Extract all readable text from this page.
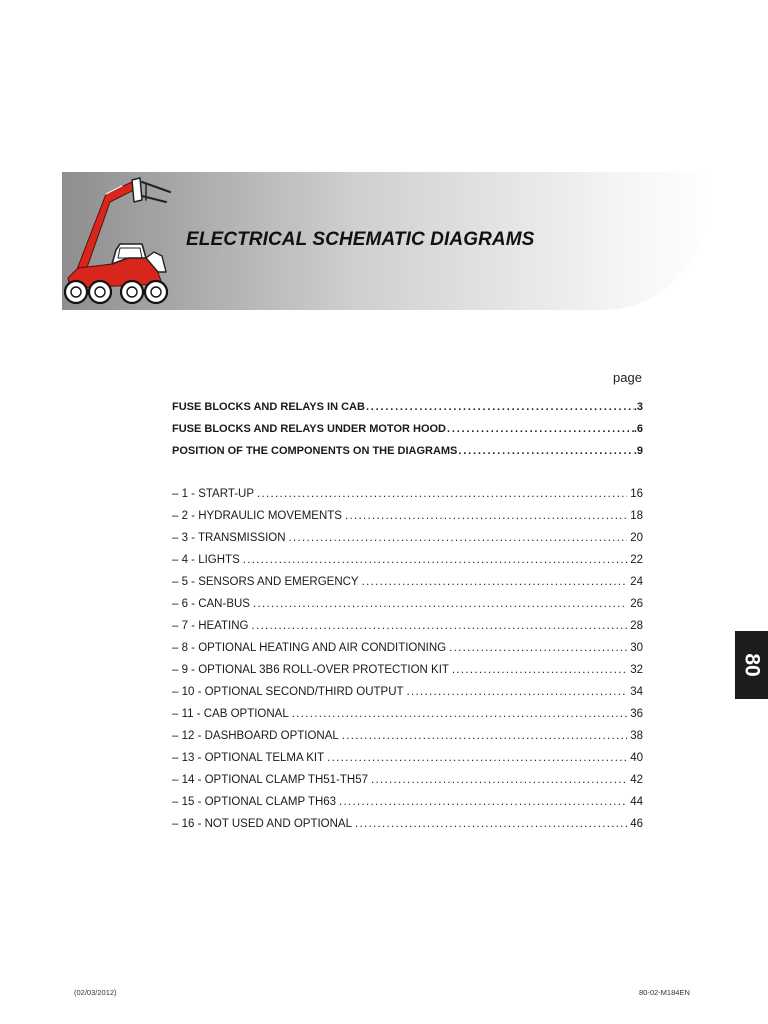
ELECTRICAL SCHEMATIC DIAGRAMS
page
FUSE BLOCKS AND RELAYS IN CAB .....	.3
FUSE BLOCKS AND RELAYS UNDER MOTOR HOOD .....	.6
POSITION OF THE COMPONENTS ON THE DIAGRAMS .....	.9
– 1 - START-UP .....	16
– 2 - HYDRAULIC MOVEMENTS .....	18
– 3 - TRANSMISSION .....	20
– 4 - LIGHTS .....	22
– 5 - SENSORS AND EMERGENCY .....	24
– 6 - CAN-BUS .....	26
– 7 - HEATING .....	28
– 8 - OPTIONAL HEATING AND AIR CONDITIONING .....	30
– 9 - OPTIONAL 3B6 ROLL-OVER PROTECTION KIT .....	32
– 10 - OPTIONAL SECOND/THIRD OUTPUT .....	34
– 11 - CAB OPTIONAL .....	36
– 12 - DASHBOARD OPTIONAL .....	38
– 13 - OPTIONAL TELMA KIT .....	40
– 14 - OPTIONAL CLAMP TH51-TH57 .....	42
– 15 - OPTIONAL CLAMP TH63 .....	44
– 16 - NOT USED AND OPTIONAL .....	46
80
(02/03/2012)	80-02-M184EN
